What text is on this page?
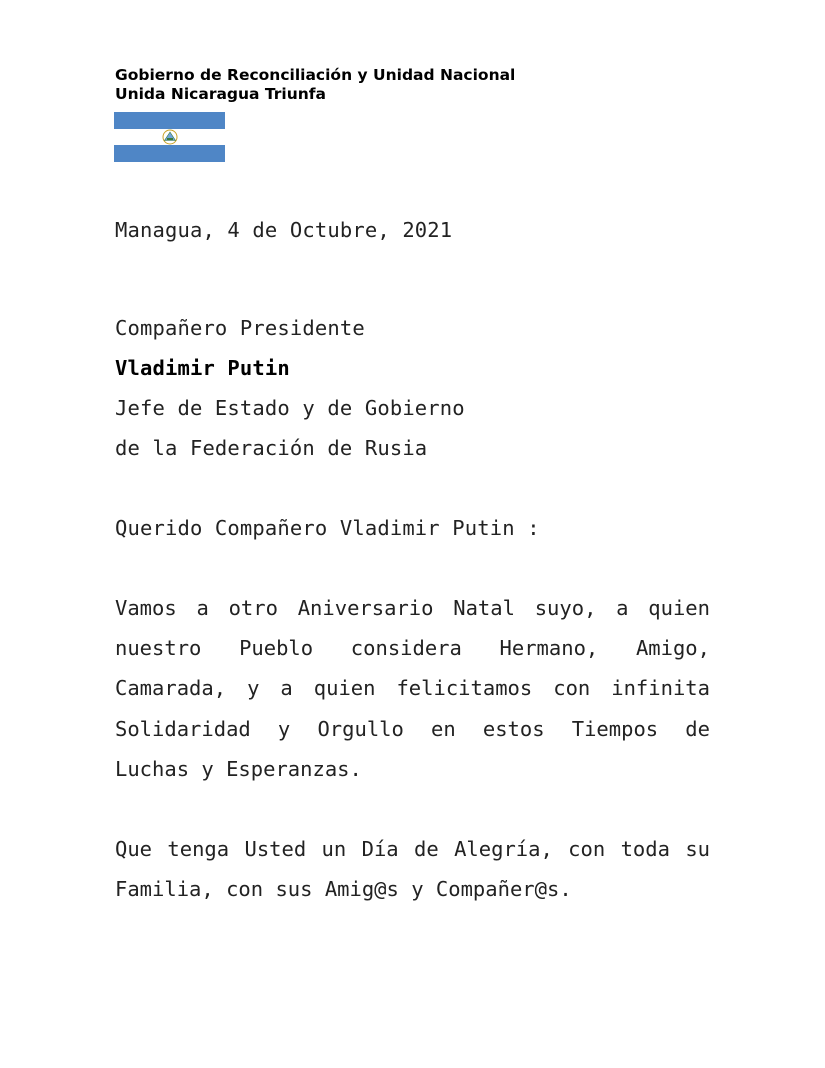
Gobierno de Reconciliación y Unidad Nacional
Unida Nicaragua Triunfa
Managua, 4 de Octubre, 2021
Compañero Presidente
Vladimir Putin
Jefe de Estado y de Gobierno
de la Federación de Rusia
Querido Compañero Vladimir Putin :
Vamos a otro Aniversario Natal suyo, a quien
nuestro Pueblo considera Hermano, Amigo,
Camarada, y a quien felicitamos con infinita
Solidaridad y Orgullo en estos Tiempos de
Luchas y Esperanzas.
Que tenga Usted un Día de Alegría, con toda su
Familia, con sus Amig@s y Compañer@s.
